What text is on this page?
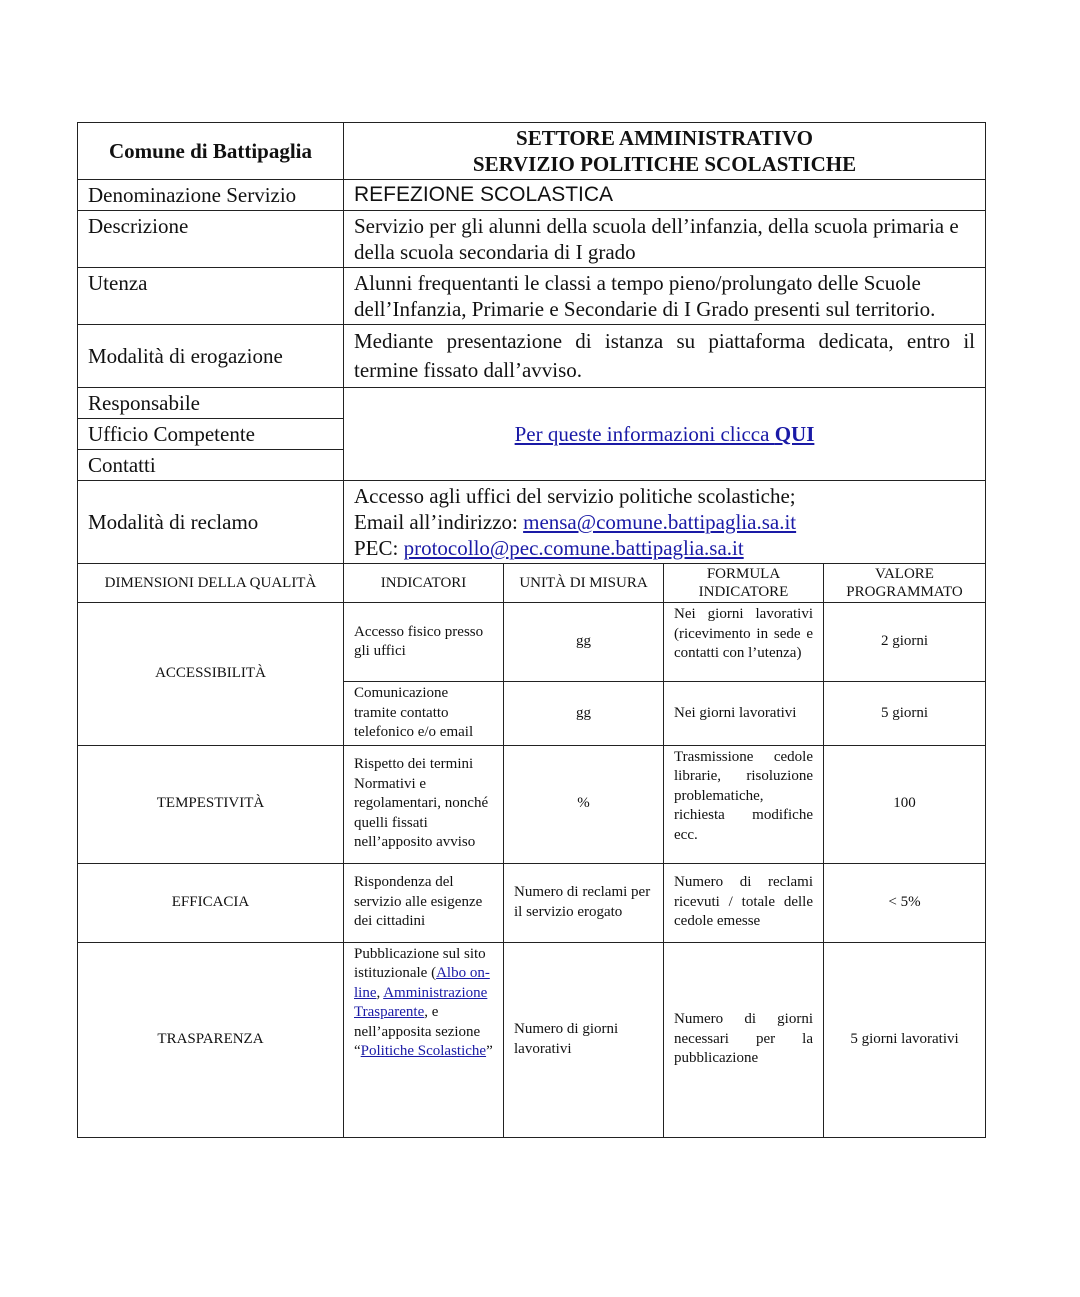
Comune di Battipaglia	SETTORE AMMINISTRATIVO
SERVIZIO POLITICHE SCOLASTICHE

Denominazione Servizio	REFEZIONE SCOLASTICA
Descrizione	Servizio per gli alunni della scuola dell’infanzia, della scuola primaria e della scuola secondaria di I grado
Utenza	Alunni frequentanti le classi a tempo pieno/prolungato delle Scuole dell’Infanzia, Primarie e Secondarie di I Grado presenti sul territorio.
Modalità di erogazione	Mediante presentazione di istanza su piattaforma dedicata, entro il termine fissato dall’avviso.
Responsabile	Per queste informazioni clicca QUI
Ufficio Competente	
Contatti	
Modalità di reclamo	Accesso agli uffici del servizio politiche scolastiche;
Email all’indirizzo: mensa@comune.battipaglia.sa.it
PEC: protocollo@pec.comune.battipaglia.sa.it
DIMENSIONI DELLA QUALITÀ	INDICATORI	UNITÀ DI MISURA	FORMULA INDICATORE	VALORE PROGRAMMATO
ACCESSIBILITÀ	Accesso fisico presso gli uffici	gg	Nei giorni lavorativi (ricevimento in sede e contatti con l’utenza)	2 giorni
	Comunicazione tramite contatto telefonico e/o email	gg	Nei giorni lavorativi	5 giorni
TEMPESTIVITÀ	Rispetto dei termini Normativi e regolamentari, nonché quelli fissati nell’apposito avviso	%	Trasmissione cedole librarie, risoluzione problematiche, richiesta modifiche ecc.	100
EFFICACIA	Rispondenza del servizio alle esigenze dei cittadini	Numero di reclami per il servizio erogato	Numero di reclami ricevuti / totale delle cedole emesse	< 5%
TRASPARENZA	Pubblicazione sul sito istituzionale (Albo on-line, Amministrazione Trasparente, e nell’apposita sezione “Politiche Scolastiche”	Numero di giorni lavorativi	Numero di giorni necessari per la pubblicazione	5 giorni lavorativi
